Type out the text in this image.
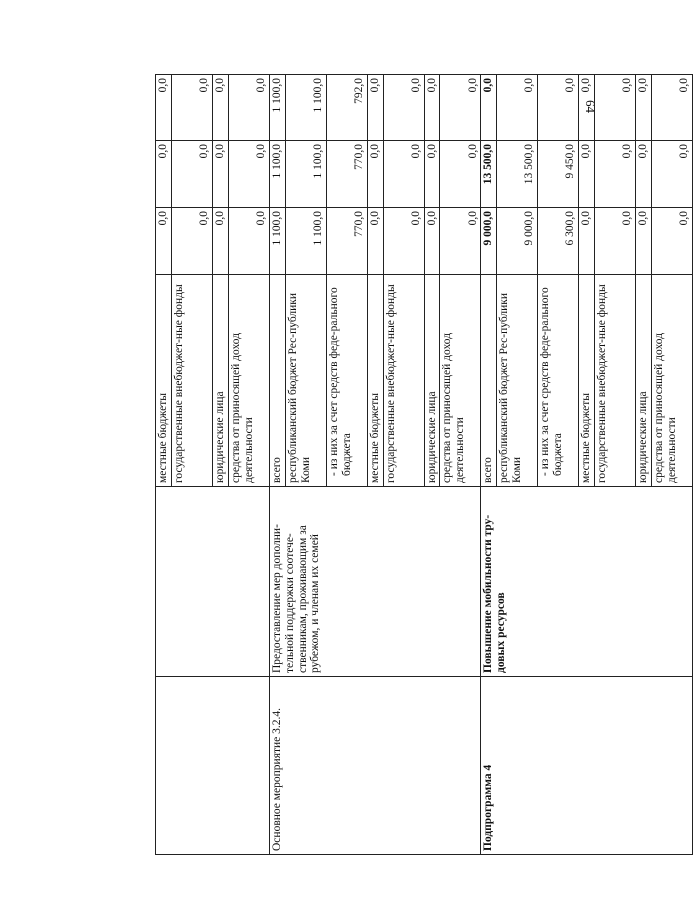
64
		местные бюджеты	0,0	0,0	0,0
		государственные внебюджет-ные фонды	0,0	0,0	0,0
		юридические лица	0,0	0,0	0,0
		средства от приносящей доход деятельности	0,0	0,0	0,0
Основное мероприятие 3.2.4.	Предоставление мер дополни-тельной поддержки соотече-ственникам, проживающим за рубежом, и членам их семей	всего	1 100,0	1 100,0	1 100,0
		республиканский бюджет Рес-публики Коми	1 100,0	1 100,0	1 100,0
		- из них за счет средств феде-рального бюджета	770,0	770,0	792,0
		местные бюджеты	0,0	0,0	0,0
		государственные внебюджет-ные фонды	0,0	0,0	0,0
		юридические лица	0,0	0,0	0,0
		средства от приносящей доход деятельности	0,0	0,0	0,0
Подпрограмма 4	Повышение мобильности тру-довых ресурсов	всего	9 000,0	13 500,0	0,0
		республиканский бюджет Рес-публики Коми	9 000,0	13 500,0	0,0
		- из них за счет средств феде-рального бюджета	6 300,0	9 450,0	0,0
		местные бюджеты	0,0	0,0	0,0
		государственные внебюджет-ные фонды	0,0	0,0	0,0
		юридические лица	0,0	0,0	0,0
		средства от приносящей доход деятельности	0,0	0,0	0,0
